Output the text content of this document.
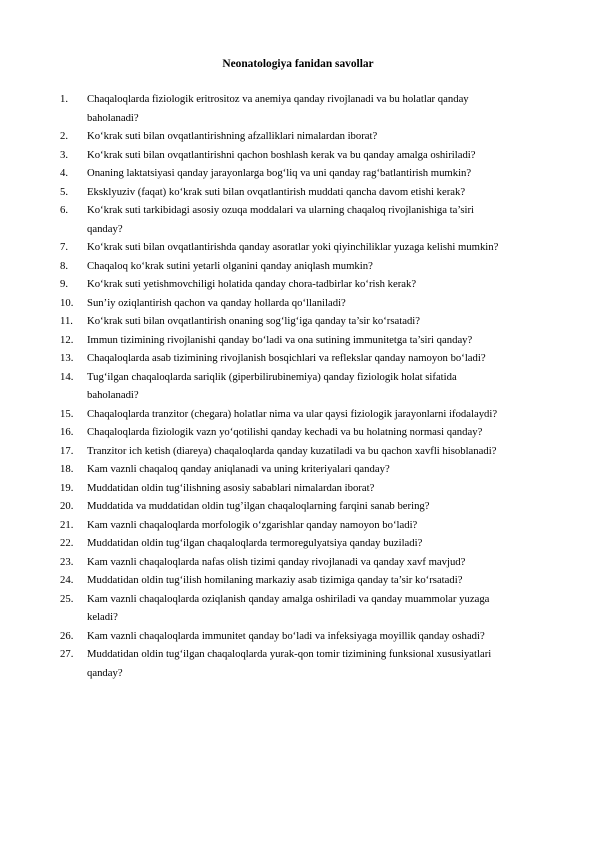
Neonatologiya fanidan savollar
1. Chaqaloqlarda fiziologik eritrositoz va anemiya qanday rivojlanadi va bu holatlar qanday
baholanadi?
2. Ko‘krak suti bilan ovqatlantirishning afzalliklari nimalardan iborat?
3. Ko‘krak suti bilan ovqatlantirishni qachon boshlash kerak va bu qanday amalga oshiriladi?
4. Onaning laktatsiyasi qanday jarayonlarga bog‘liq va uni qanday rag‘batlantirish mumkin?
5. Eksklyuziv (faqat) ko‘krak suti bilan ovqatlantirish muddati qancha davom etishi kerak?
6. Ko‘krak suti tarkibidagi asosiy ozuqa moddalari va ularning chaqaloq rivojlanishiga ta’siri
qanday?
7. Ko‘krak suti bilan ovqatlantirishda qanday asoratlar yoki qiyinchiliklar yuzaga kelishi mumkin?
8. Chaqaloq ko‘krak sutini yetarli olganini qanday aniqlash mumkin?
9. Ko‘krak suti yetishmovchiligi holatida qanday chora-tadbirlar ko‘rish kerak?
10. Sun’iy oziqlantirish qachon va qanday hollarda qo‘llaniladi?
11. Ko‘krak suti bilan ovqatlantirish onaning sog‘lig‘iga qanday ta’sir ko‘rsatadi?
12. Immun tizimining rivojlanishi qanday bo‘ladi va ona sutining immunitetga ta’siri qanday?
13. Chaqaloqlarda asab tizimining rivojlanish bosqichlari va reflekslar qanday namoyon bo‘ladi?
14. Tug‘ilgan chaqaloqlarda sariqlik (giperbilirubinemiya) qanday fiziologik holat sifatida
baholanadi?
15. Chaqaloqlarda tranzitor (chegara) holatlar nima va ular qaysi fiziologik jarayonlarni ifodalaydi?
16. Chaqaloqlarda fiziologik vazn yo‘qotilishi qanday kechadi va bu holatning normasi qanday?
17. Tranzitor ich ketish (diareya) chaqaloqlarda qanday kuzatiladi va bu qachon xavfli hisoblanadi?
18. Kam vaznli chaqaloq qanday aniqlanadi va uning kriteriyalari qanday?
19. Muddatidan oldin tug‘ilishning asosiy sabablari nimalardan iborat?
20. Muddatida va muddatidan oldin tug’ilgan chaqaloqlarning farqini sanab bering?
21. Kam vaznli chaqaloqlarda morfologik o‘zgarishlar qanday namoyon bo‘ladi?
22. Muddatidan oldin tug‘ilgan chaqaloqlarda termoregulyatsiya qanday buziladi?
23. Kam vaznli chaqaloqlarda nafas olish tizimi qanday rivojlanadi va qanday xavf mavjud?
24. Muddatidan oldin tug‘ilish homilaning markaziy asab tizimiga qanday ta’sir ko‘rsatadi?
25. Kam vaznli chaqaloqlarda oziqlanish qanday amalga oshiriladi va qanday muammolar yuzaga
keladi?
26. Kam vaznli chaqaloqlarda immunitet qanday bo‘ladi va infeksiyaga moyillik qanday oshadi?
27. Muddatidan oldin tug‘ilgan chaqaloqlarda yurak-qon tomir tizimining funksional xususiyatlari
qanday?
